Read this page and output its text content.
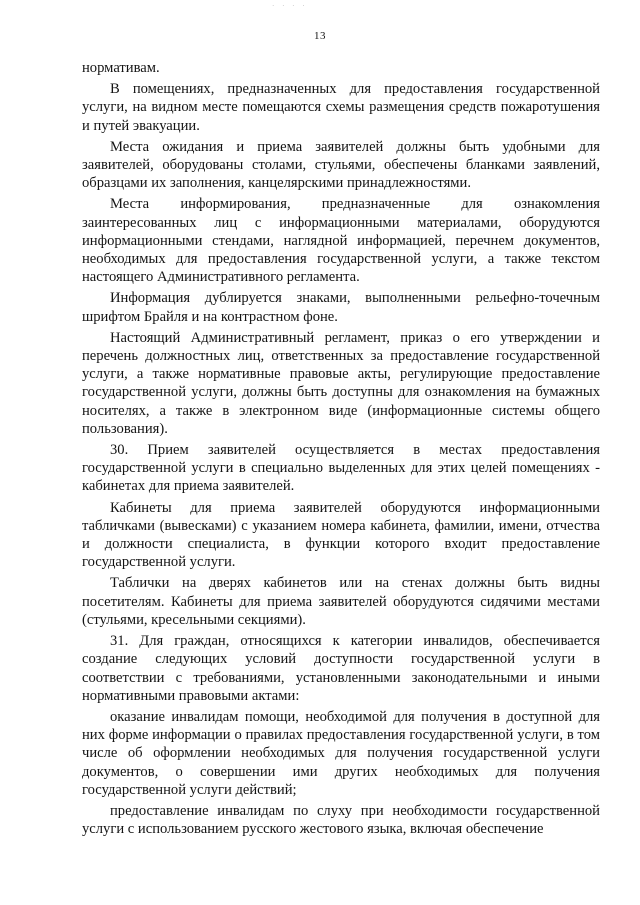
· · · ·
13

нормативам.

В помещениях, предназначенных для предоставления государственной услуги, на видном месте помещаются схемы размещения средств пожаротушения и путей эвакуации.

Места ожидания и приема заявителей должны быть удобными для заявителей, оборудованы столами, стульями, обеспечены бланками заявлений, образцами их заполнения, канцелярскими принадлежностями.

Места информирования, предназначенные для ознакомления заинтересованных лиц с информационными материалами, оборудуются информационными стендами, наглядной информацией, перечнем документов, необходимых для предоставления государственной услуги, а также текстом настоящего Административного регламента.

Информация дублируется знаками, выполненными рельефно-точечным шрифтом Брайля и на контрастном фоне.

Настоящий Административный регламент, приказ о его утверждении и перечень должностных лиц, ответственных за предоставление государственной услуги, а также нормативные правовые акты, регулирующие предоставление государственной услуги, должны быть доступны для ознакомления на бумажных носителях, а также в электронном виде (информационные системы общего пользования).

30. Прием заявителей осуществляется в местах предоставления государственной услуги в специально выделенных для этих целей помещениях - кабинетах для приема заявителей.

Кабинеты для приема заявителей оборудуются информационными табличками (вывесками) с указанием номера кабинета, фамилии, имени, отчества и должности специалиста, в функции которого входит предоставление государственной услуги.

Таблички на дверях кабинетов или на стенах должны быть видны посетителям. Кабинеты для приема заявителей оборудуются сидячими местами (стульями, кресельными секциями).

31. Для граждан, относящихся к категории инвалидов, обеспечивается создание следующих условий доступности государственной услуги в соответствии с требованиями, установленными законодательными и иными нормативными правовыми актами:

оказание инвалидам помощи, необходимой для получения в доступной для них форме информации о правилах предоставления государственной услуги, в том числе об оформлении необходимых для получения государственной услуги документов, о совершении ими других необходимых для получения государственной услуги действий;

предоставление инвалидам по слуху при необходимости государственной услуги с использованием русского жестового языка, включая обеспечение
